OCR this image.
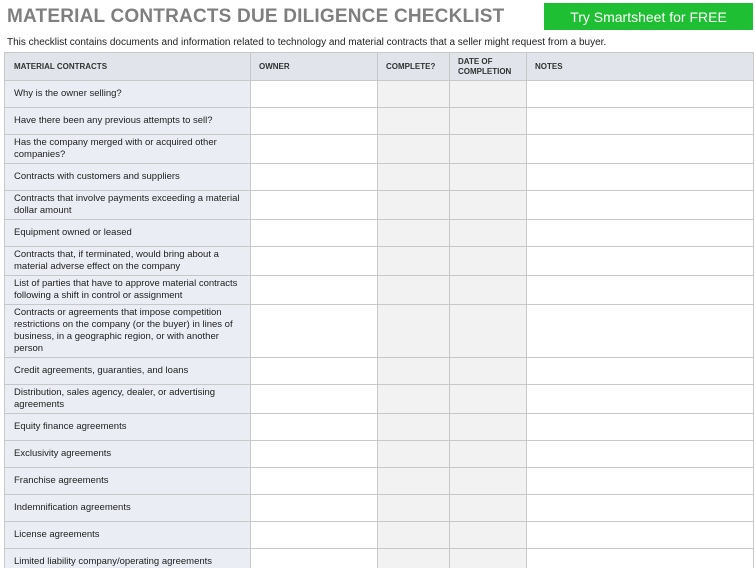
MATERIAL CONTRACTS DUE DILIGENCE CHECKLIST	Try Smartsheet for FREE
This checklist contains documents and information related to technology and material contracts that a seller might request from a buyer.
MATERIAL CONTRACTS	OWNER	COMPLETE?	DATE OF COMPLETION	NOTES
Why is the owner selling?				
Have there been any previous attempts to sell?				
Has the company merged with or acquired other companies?				
Contracts with customers and suppliers				
Contracts that involve payments exceeding a material dollar amount				
Equipment owned or leased				
Contracts that, if terminated, would bring about a material adverse effect on the company				
List of parties that have to approve material contracts following a shift in control or assignment				
Contracts or agreements that impose competition restrictions on the company (or the buyer) in lines of business, in a geographic region, or with another person				
Credit agreements, guaranties, and loans				
Distribution, sales agency, dealer, or advertising agreements				
Equity finance agreements				
Exclusivity agreements				
Franchise agreements				
Indemnification agreements				
License agreements				
Limited liability company/operating agreements				
